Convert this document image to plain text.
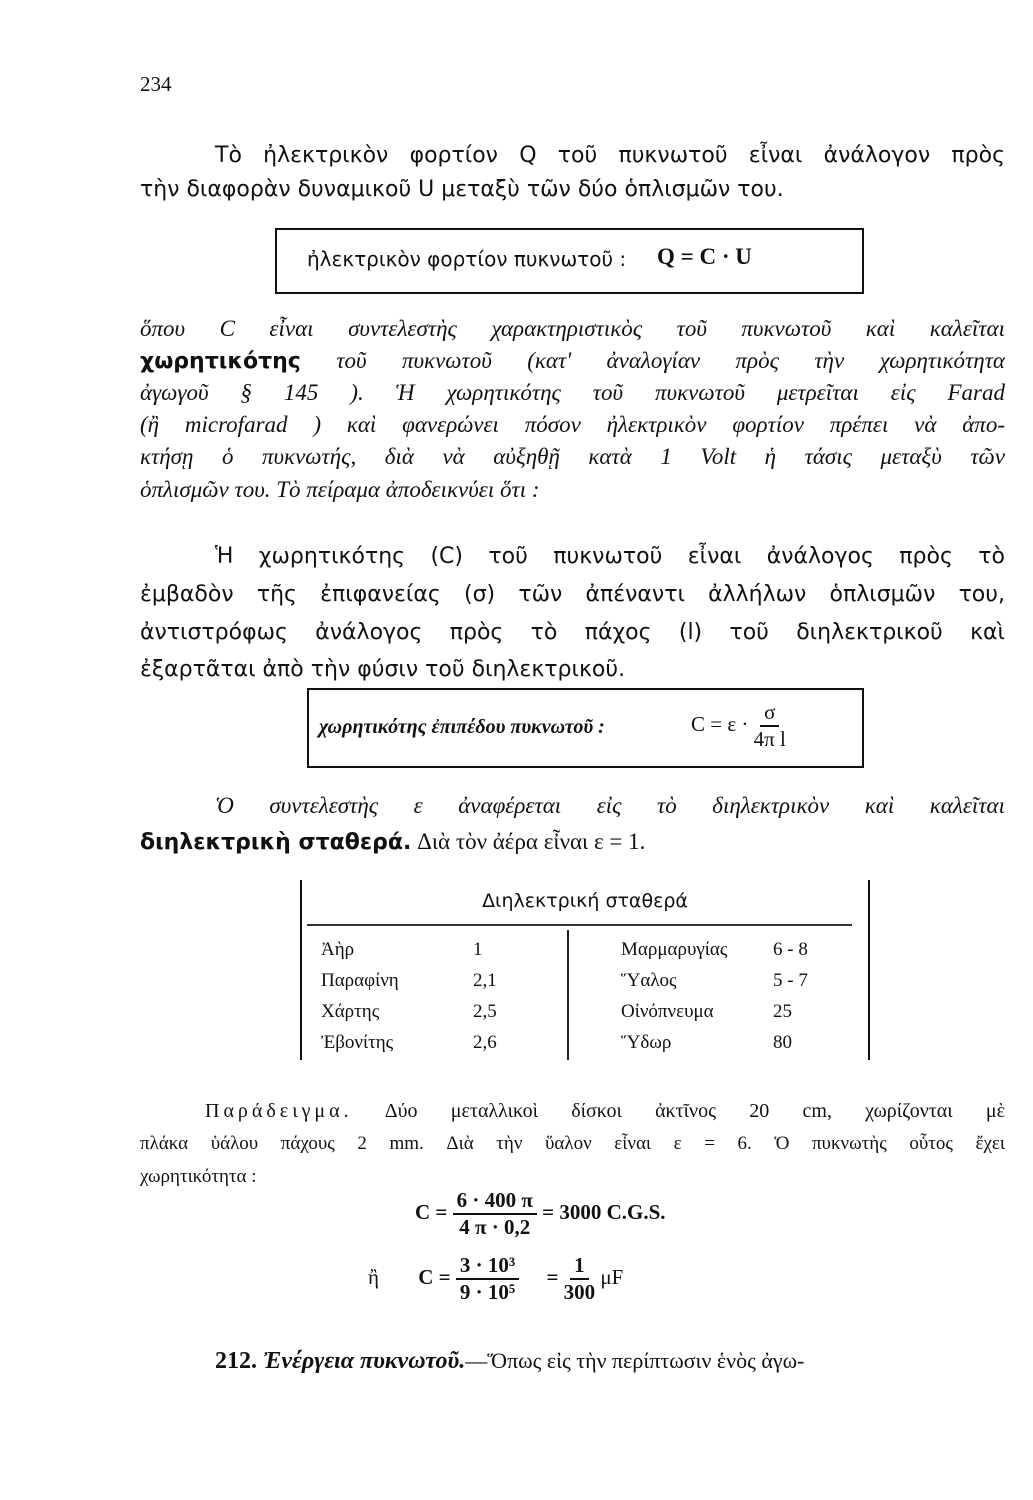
234
Τὸ ἠλεκτρικὸν φορτίον Q τοῦ πυκνωτοῦ εἶναι ἀνάλογον πρὸς
τὴν διαφορὰν δυναμικοῦ U μεταξὺ τῶν δύο ὁπλισμῶν του.
ἠλεκτρικὸν φορτίον πυκνωτοῦ : Q = C · U
ὅπου C εἶναι συντελεστὴς χαρακτηριστικὸς τοῦ πυκνωτοῦ καὶ καλεῖται
χωρητικότης τοῦ πυκνωτοῦ (κατ' ἀναλογίαν πρὸς τὴν χωρητικότητα
ἀγωγοῦ § 145 ). Ἡ χωρητικότης τοῦ πυκνωτοῦ μετρεῖται εἰς Farad
(ἢ microfarad ) καὶ φανερώνει πόσον ἠλεκτρικὸν φορτίον πρέπει νὰ ἀπο-
κτήσῃ ὁ πυκνωτής, διὰ νὰ αὐξηθῇ κατὰ 1 Volt ἡ τάσις μεταξὺ τῶν
ὁπλισμῶν του. Τὸ πείραμα ἀποδεικνύει ὅτι :
Ἡ χωρητικότης (C) τοῦ πυκνωτοῦ εἶναι ἀνάλογος πρὸς τὸ
ἐμβαδὸν τῆς ἐπιφανείας (σ) τῶν ἀπέναντι ἀλλήλων ὁπλισμῶν του,
ἀντιστρόφως ἀνάλογος πρὸς τὸ πάχος (l) τοῦ διηλεκτρικοῦ καὶ
ἐξαρτᾶται ἀπὸ τὴν φύσιν τοῦ διηλεκτρικοῦ.
χωρητικότης ἐπιπέδου πυκνωτοῦ :	$C = \varepsilon \cdot \frac{\sigma}{\text{4π l}}$
Ὁ συντελεστὴς ε ἀναφέρεται εἰς τὸ διηλεκτρικὸν καὶ καλεῖται
διηλεκτρικὴ σταθερά. Διὰ τὸν ἀέρα εἶναι ε = 1.
Διηλεκτρική σταθερά
Ἀὴρ	1
Παραφίνη	2,1
Χάρτης	2,5
Ἐβονίτης	2,6
Μαρμαρυγίας	6 - 8
Ὕαλος	5 - 7
Οἰνόπνευμα	25
Ὕδωρ	80
Παράδειγμα. Δύο μεταλλικοὶ δίσκοι ἀκτῖνος 20 cm, χωρίζονται μὲ
πλάκα ὑάλου πάχους 2 mm. Διὰ τὴν ὕαλον εἶναι ε = 6. Ὁ πυκνωτὴς οὗτος ἔχει
χωρητικότητα :
$C = \frac{6 \cdot 400 \pi}{4 \pi \cdot 0,2} = 3000$ C.G.S.
ἢ $C = \frac{\text{3 · 10³}}{\text{9 · 10⁵}} = \frac{1}{300}$ μF
212. Ἐνέργεια πυκνωτοῦ.—Ὅπως εἰς τὴν περίπτωσιν ἑνὸς ἀγω-
